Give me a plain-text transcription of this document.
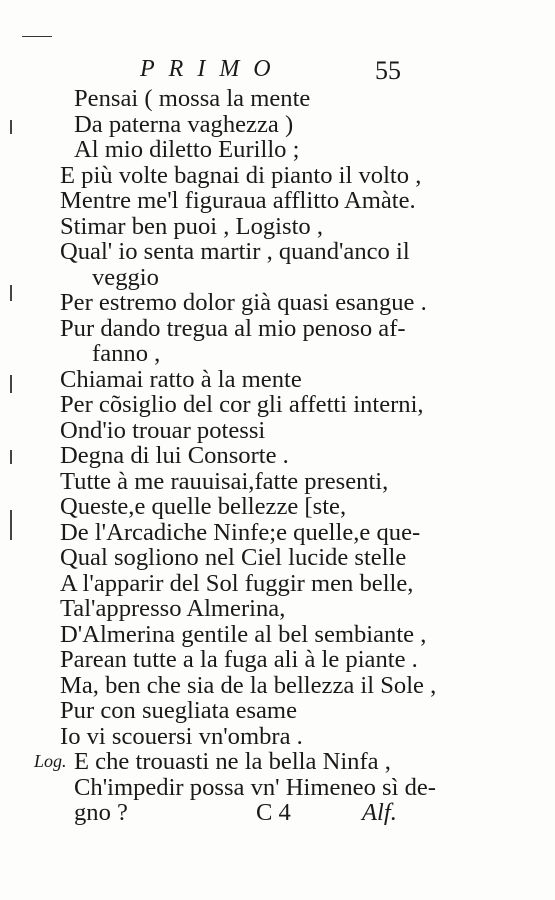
PRIMO	55
Pensai ( mossa la mente
Da paterna vaghezza )
Al mio diletto Eurillo ;
E più volte bagnai di pianto il volto ,
Mentre me'l figuraua afflitto Amàte.
Stimar ben puoi , Logisto ,
Qual' io senta martir , quand'anco il
veggio
Per estremo dolor già quasi esangue .
Pur dando tregua al mio penoso af-
fanno ,
Chiamai ratto à la mente
Per cõsiglio del cor gli affetti interni,
Ond'io trouar potessi
Degna di lui Consorte .
Tutte à me rauuisai,fatte presenti,
Queste,e quelle bellezze [ste,
De l'Arcadiche Ninfe;e quelle,e que-
Qual sogliono nel Ciel lucide stelle
A l'apparir del Sol fuggir men belle,
Tal'appresso Almerina,
D'Almerina gentile al bel sembiante ,
Parean tutte a la fuga ali à le piante .
Ma, ben che sia de la bellezza il Sole ,
Pur con suegliata esame
Io vi scouersi vn'ombra .
Log. E che trouasti ne la bella Ninfa ,
Ch'impedir possa vn' Himeneo sì de-
gno ?	C 4	Alf.
